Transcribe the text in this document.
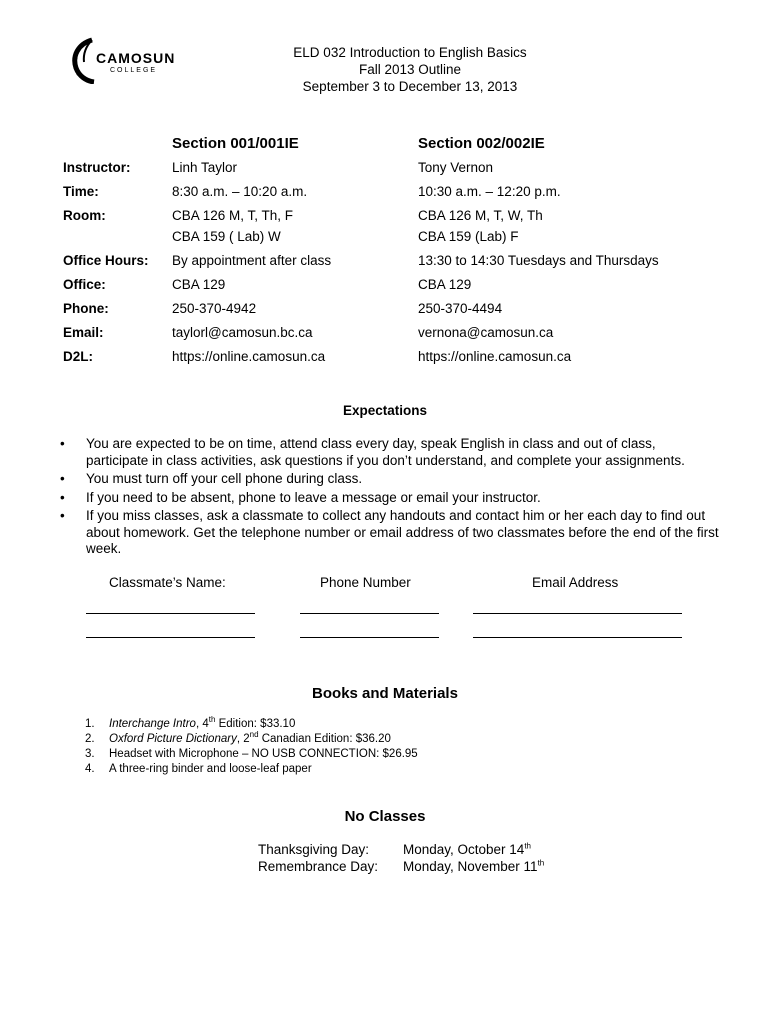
CAMOSUN
COLLEGE
ELD 032 Introduction to English Basics
Fall 2013 Outline
September 3 to December 13, 2013
Section 001/001IE	Section 002/002IE
Instructor:	Linh Taylor	Tony Vernon
Time:	8:30 a.m. – 10:20 a.m.	10:30 a.m. – 12:20 p.m.
Room:	CBA 126 M, T, Th, F	CBA 126 M, T, W, Th
CBA 159 ( Lab) W	CBA 159 (Lab) F
Office Hours: By appointment after class	13:30 to 14:30 Tuesdays and Thursdays
Office:	CBA 129	CBA 129
Phone:	250-370-4942	250-370-4494
Email:	taylorl@camosun.bc.ca	vernona@camosun.ca
D2L:	https://online.camosun.ca	https://online.camosun.ca
Expectations
• You are expected to be on time, attend class every day, speak English in class and out of class, participate in class activities, ask questions if you don’t understand, and complete your assignments.
• You must turn off your cell phone during class.
• If you need to be absent, phone to leave a message or email your instructor.
• If you miss classes, ask a classmate to collect any handouts and contact him or her each day to find out about homework. Get the telephone number or email address of two classmates before the end of the first week.
Classmate’s Name:	Phone Number	Email Address
Books and Materials
1. Interchange Intro, 4th Edition: $33.10
2. Oxford Picture Dictionary, 2nd Canadian Edition: $36.20
3. Headset with Microphone – NO USB CONNECTION: $26.95
4. A three-ring binder and loose-leaf paper
No Classes
Thanksgiving Day:	Monday, October 14th
Remembrance Day: Monday, November 11th
